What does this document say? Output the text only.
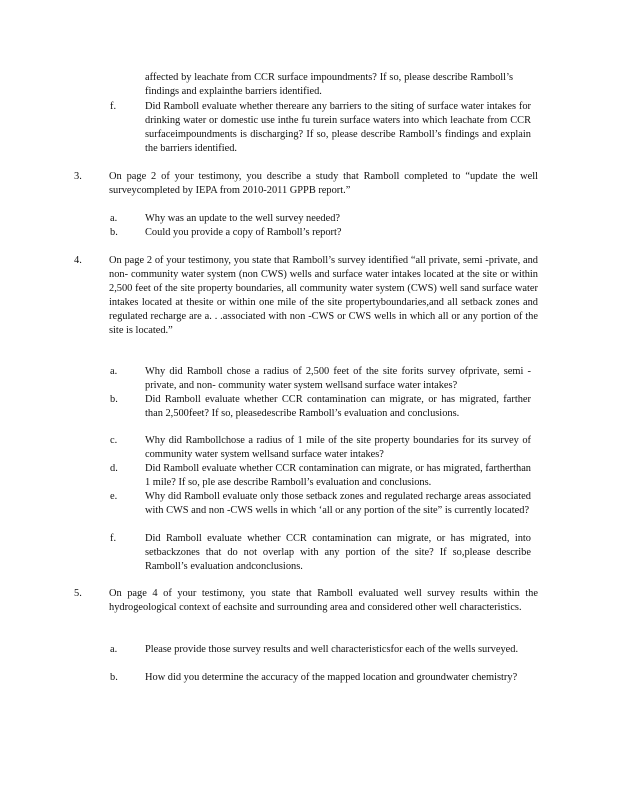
affected by leachate from CCR surface impoundments? If so, please describe Ramboll’s findings and explainthe barriers identified.

f.	Did Ramboll evaluate whether thereare any barriers to the siting of surface water intakes for drinking water or domestic use inthe fu turein surface waters into which leachate from CCR surfaceimpoundments is discharging? If so, please describe Ramboll’s findings and explain the barriers identified.

3.	On page 2 of your testimony, you describe a study that Ramboll completed to “update the well surveycompleted by IEPA from 2010-2011 GPPB report.”

a.	Why was an update to the well survey needed?

b.	Could you provide a copy of Ramboll’s report?

4.	On page 2 of your testimony, you state that Ramboll’s survey identified “all private, semi -private, and non- community water system (non CWS) wells and surface water intakes located at the site or within 2,500 feet of the site property boundaries, all community water system (CWS) well sand surface water intakes located at thesite or within one mile of the site propertyboundaries,and all setback zones and regulated recharge are a. . .associated with non -CWS or CWS wells in which all or any portion of the site is located.”

a.	Why did Ramboll chose a radius of 2,500 feet of the site forits survey ofprivate, semi -private, and non- community water system wellsand surface water intakes?

b.	Did Ramboll evaluate whether CCR contamination can migrate, or has migrated, farther than 2,500feet? If so, pleasedescribe Ramboll’s evaluation and conclusions.

c.	Why did Rambollchose a radius of 1 mile of the site property boundaries for its survey of community water system wellsand surface water intakes?

d.	Did Ramboll evaluate whether CCR contamination can migrate, or has migrated, fartherthan 1 mile? If so, ple ase describe Ramboll’s evaluation and conclusions.

e.	Why did Ramboll evaluate only those setback zones and regulated recharge areas associated with CWS and non -CWS wells in which ‘all or any portion of the site” is currently located?

f.	Did Ramboll evaluate whether CCR contamination can migrate, or has migrated, into setbackzones that do not overlap with any portion of the site? If so,please describe Ramboll’s evaluation andconclusions.

5.	On page 4 of your testimony, you state that Ramboll evaluated well survey results within the hydrogeological context of eachsite and surrounding area and considered other well characteristics.

a.	Please provide those survey results and well characteristicsfor each of the wells surveyed.

b.	How did you determine the accuracy of the mapped location and groundwater chemistry?
